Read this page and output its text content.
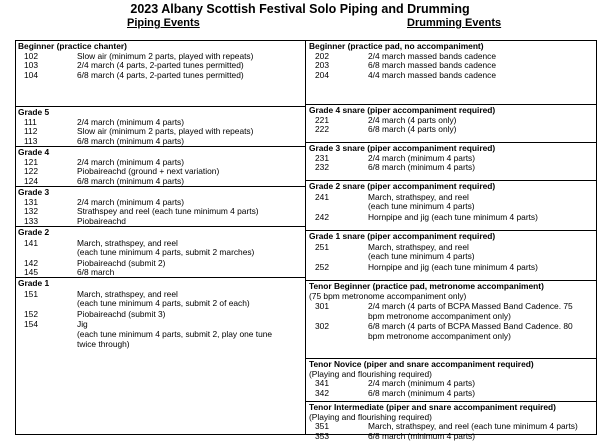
2023 Albany Scottish Festival Solo Piping and Drumming
Piping Events	Drumming Events
Beginner (practice chanter)
102	Slow air (minimum 2 parts, played with repeats)
103	2/4 march (4 parts, 2-parted tunes permitted)
104	6/8 march (4 parts, 2-parted tunes permitted)
Grade 5
111	2/4 march (minimum 4 parts)
112	Slow air (minimum 2 parts, played with repeats)
113	6/8 march (minimum 4 parts)
Grade 4
121	2/4 march (minimum 4 parts)
122	Piobaireachd (ground + next variation)
124	6/8 march (minimum 4 parts)
Grade 3
131	2/4 march (minimum 4 parts)
132	Strathspey and reel (each tune minimum 4 parts)
133	Piobaireachd
Grade 2
141	March, strathspey, and reel
(each tune minimum 4 parts, submit 2 marches)
142	Piobaireachd (submit 2)
145	6/8 march
Grade 1
151	March, strathspey, and reel
(each tune minimum 4 parts, submit 2 of each)
152	Piobaireachd (submit 3)
154	Jig
(each tune minimum 4 parts, submit 2, play one tune
twice through)
Beginner (practice pad, no accompaniment)
202	2/4 march massed bands cadence
203	6/8 march massed bands cadence
204	4/4 march massed bands cadence
Grade 4 snare (piper accompaniment required)
221	2/4 march (4 parts only)
222	6/8 march (4 parts only)
Grade 3 snare (piper accompaniment required)
231	2/4 march (minimum 4 parts)
232	6/8 march (minimum 4 parts)
Grade 2 snare (piper accompaniment required)
241	March, strathspey, and reel
(each tune minimum 4 parts)
242	Hornpipe and jig (each tune minimum 4 parts)
Grade 1 snare (piper accompaniment required)
251	March, strathspey, and reel
(each tune minimum 4 parts)
252	Hornpipe and jig (each tune minimum 4 parts)
Tenor Beginner (practice pad, metronome accompaniment)
(75 bpm metronome accompaniment only)
301	2/4 march (4 parts of BCPA Massed Band Cadence. 75
bpm metronome accompaniment only)
302	6/8 march (4 parts of BCPA Massed Band Cadence. 80
bpm metronome accompaniment only)
Tenor Novice (piper and snare accompaniment required)
(Playing and flourishing required)
341	2/4 march (minimum 4 parts)
342	6/8 march (minimum 4 parts)
Tenor Intermediate (piper and snare accompaniment required)
(Playing and flourishing required)
351	March, strathspey, and reel (each tune minimum 4 parts)
353	6/8 march (minimum 4 parts)
